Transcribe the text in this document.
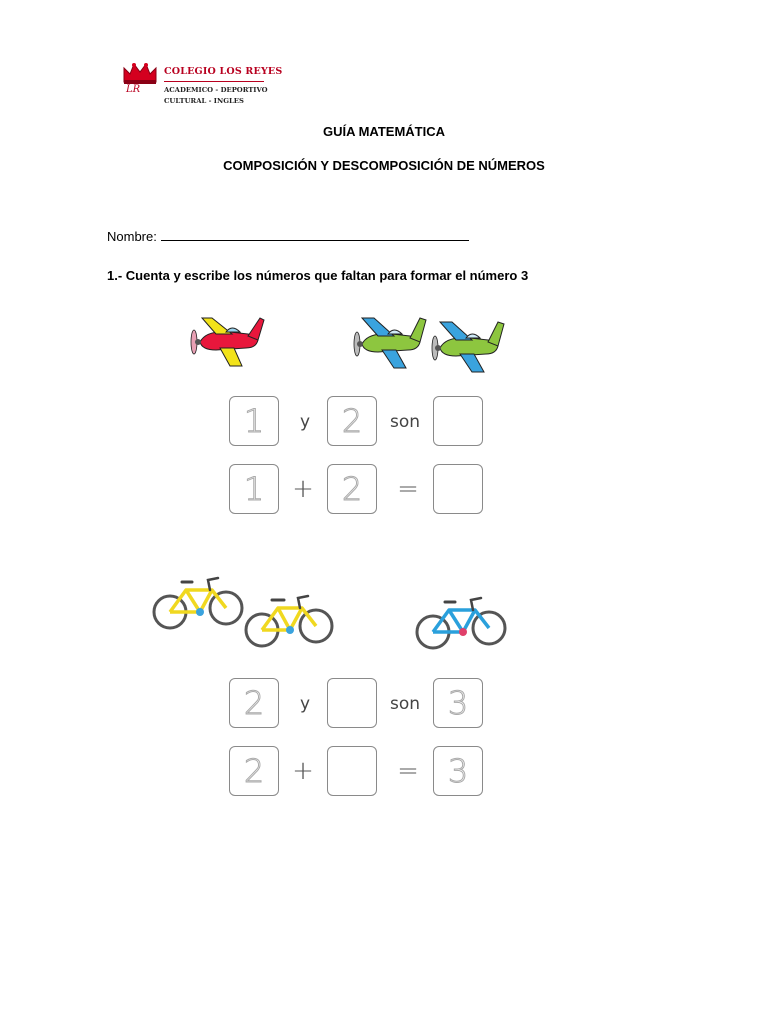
LR
COLEGIO LOS REYES
ACADEMICO - DEPORTIVO
CULTURAL - INGLES
GUÍA MATEMÁTICA
COMPOSICIÓN Y DESCOMPOSICIÓN DE NÚMEROS
Nombre:
1.- Cuenta y escribe los números que faltan para formar el número 3
1	y 2	son
1	+ 2	=
2	y	son 3
2	+	= 3
